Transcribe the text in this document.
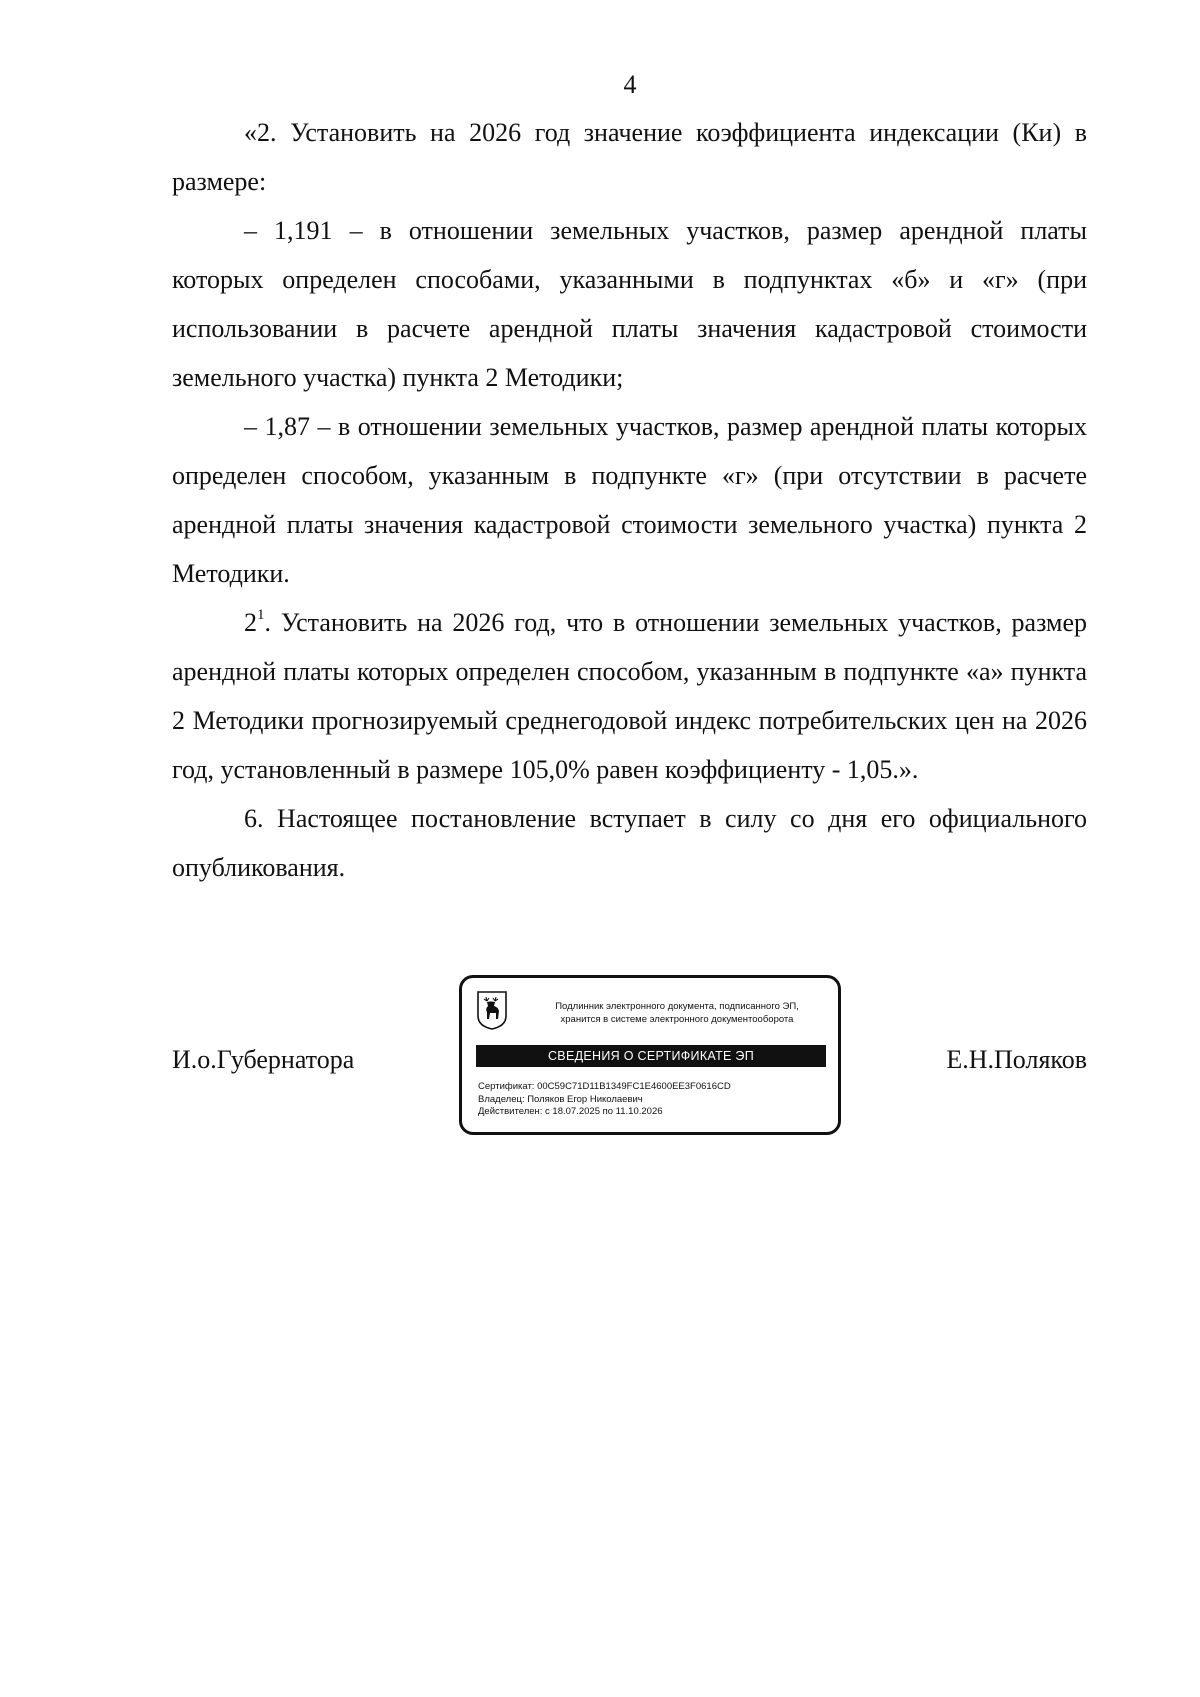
4

«2. Установить на 2026 год значение коэффициента индексации (Ки) в размере:

– 1,191 – в отношении земельных участков, размер арендной платы которых определен способами, указанными в подпунктах «б» и «г» (при использовании в расчете арендной платы значения кадастровой стоимости земельного участка) пункта 2 Методики;

– 1,87 – в отношении земельных участков, размер арендной платы которых определен способом, указанным в подпункте «г» (при отсутствии в расчете арендной платы значения кадастровой стоимости земельного участка) пункта 2 Методики.

$2^1$. Установить на 2026 год, что в отношении земельных участков, размер арендной платы которых определен способом, указанным в подпункте «а» пункта 2 Методики прогнозируемый среднегодовой индекс потребительских цен на 2026 год, установленный в размере 105,0% равен коэффициенту - 1,05.».

6. Настоящее постановление вступает в силу со дня его официального опубликования.

И.о.Губернатора	Е.Н.Поляков
Подлинник электронного документа, подписанного ЭП,
хранится в системе электронного документооборота
СВЕДЕНИЯ О СЕРТИФИКАТЕ ЭП
Сертификат: 00C59C71D11B1349FC1E4600EE3F0616CD
Владелец: Поляков Егор Николаевич
Действителен: с 18.07.2025 по 11.10.2026
